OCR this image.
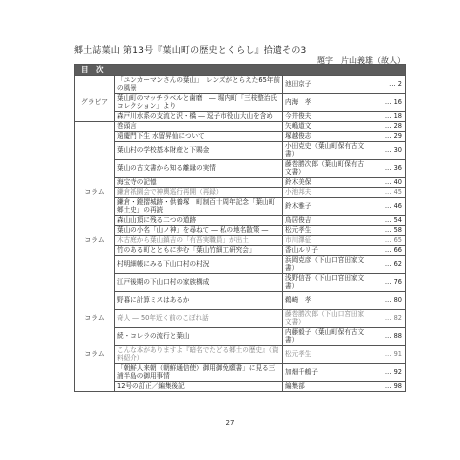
郷土誌葉山 第13号『葉山町の歴史とくらし』拾遺その3
題字　片山義雄（故人）
目　次			
	「ユンカーマンさんの葉山」　レンズがとらえた65年前の風景	池田京子	… 2
グラビア	葉山町のマッチラベルと歯磨　― 堀内町「三枝整治氏コレクション」より	内海　孝	… 16
	森戸川水系の支流と沢・橋 ― 逗子市役山大山を含め	今井俊夫	… 18
	巻頭言	矢嶋道文	… 28
	遠慶門下生 水留昇仙について	塚越俊志	… 29
	葉山村の学校基本財産と下賜金	小田克史（葉山町保有古文書）	… 30
	葉山の古文書から知る離縁の実情	藤巻勝次郎（葉山町保有古文書）	… 36
	海宝寺の記憶	鈴木美保	… 40
コラム	鎌倉祇園会で神輿巡行再開（再録）	小池邦夫	… 45
	鎌倉・鐙摺城跡・供養塚　町制百十周年記念「葉山町郷土史」の再読	鈴木雅子	… 46
	森山山頂に残る二つの道跡	鳥居俊吉	… 54
	葉山の小名「山ノ神」を尋ねて ― 私の地名散策 ―	松元孝生	… 58
コラム	木古庭から葉山鎮吉の「有吾実職員」が出土	市川澤征	… 65
	竹のある町とともに歩む「葉山竹細工研究会」	香山ルリ子	… 66
	村明細帳にみる下山口村の村況	浜岡克彦（下山口宮田家文書）	… 62
	江戸後期の下山口村の家族構成	浅野信吾（下山口宮田家文書）	… 76
	野暮に計算ミスはあるか	鵜崎　孝	… 80
コラム	奇人 ― 50年近く前のこぼれ話	藤巻勝次郎（下山口宮田家文書）	… 82
	続・コレラの流行と葉山	内藤毅子（葉山町保有古文書）	… 88
コラム	こんな本がありますよ『暗名でたどる郷土の歴史』（資料紹介）	松元孝生	… 91
	「朝鮮人来朝（朝鮮通信使）御用御免願書」に見る三浦半島の御用事情	加畑千鶴子	… 92
	12号の訂正／編集後記	編集部	… 98
27
